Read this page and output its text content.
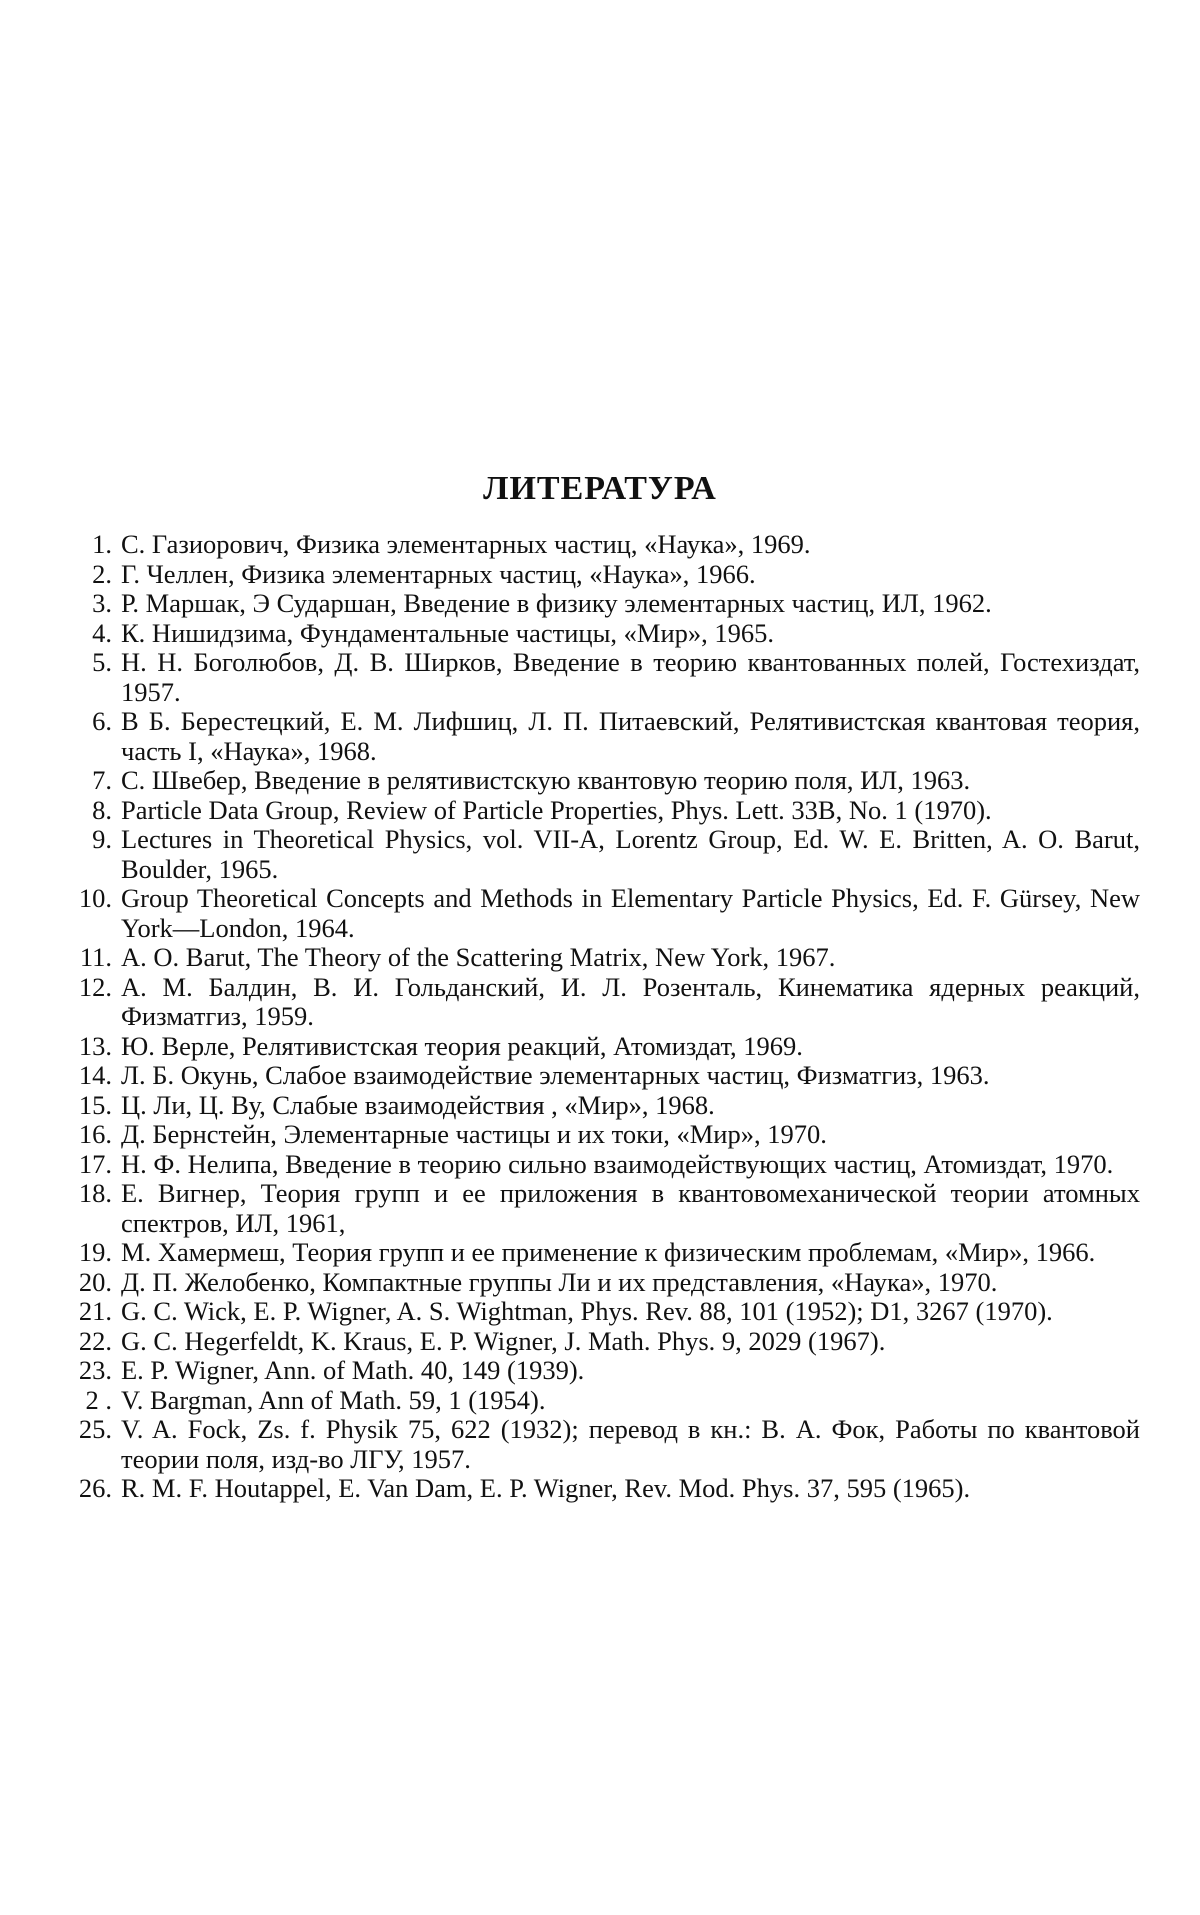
ЛИТЕРАТУРА
1. С. Газиорович, Физика элементарных частиц, «Наука», 1969.
2. Г. Челлен, Физика элементарных частиц, «Наука», 1966.
3. Р. Маршак, Э Сударшан, Введение в физику элементарных частиц, ИЛ, 1962.
4. К. Нишидзима, Фундаментальные частицы, «Мир», 1965.
5. Н. Н. Боголюбов, Д. В. Ширков, Введение в теорию квантованных полей, Гостехиздат, 1957.
6. В Б. Берестецкий, Е. М. Лифшиц, Л. П. Питаевский, Релятивистская квантовая теория, часть I, «Наука», 1968.
7. С. Швебер, Введение в релятивистскую квантовую теорию поля, ИЛ, 1963.
8. Particle Data Group, Review of Particle Properties, Phys. Lett. 33B, No. 1 (1970).
9. Lectures in Theoretical Physics, vol. VII-A, Lorentz Group, Ed. W. E. Britten, A. O. Barut, Boulder, 1965.
10. Group Theoretical Concepts and Methods in Elementary Particle Physics, Ed. F. Gürsey, New York—London, 1964.
11. А. О. Barut, The Theory of the Scattering Matrix, New York, 1967.
12. А. М. Балдин, В. И. Гольданский, И. Л. Розенталь, Кинематика ядерных реакций, Физматгиз, 1959.
13. Ю. Верле, Релятивистская теория реакций, Атомиздат, 1969.
14. Л. Б. Окунь, Слабое взаимодействие элементарных частиц, Физматгиз, 1963.
15. Ц. Ли, Ц. Ву, Слабые взаимодействия , «Мир», 1968.
16. Д. Бернстейн, Элементарные частицы и их токи, «Мир», 1970.
17. Н. Ф. Нелипа, Введение в теорию сильно взаимодействующих частиц, Атомиздат, 1970.
18. Е. Вигнер, Теория групп и ее приложения в квантовомеханической теории атомных спектров, ИЛ, 1961,
19. М. Хамермеш, Теория групп и ее применение к физическим проблемам, «Мир», 1966.
20. Д. П. Желобенко, Компактные группы Ли и их представления, «Наука», 1970.
21. G. C. Wick, E. P. Wigner, A. S. Wightman, Phys. Rev. 88, 101 (1952); D1, 3267 (1970).
22. G. C. Hegerfeldt, K. Kraus, E. P. Wigner, J. Math. Phys. 9, 2029 (1967).
23. E. P. Wigner, Ann. of Math. 40, 149 (1939).
2 . V. Bargman, Ann of Math. 59, 1 (1954).
25. V. A. Fock, Zs. f. Physik 75, 622 (1932); перевод в кн.: В. А. Фок, Работы по квантовой теории поля, изд-во ЛГУ, 1957.
26. R. M. F. Houtappel, E. Van Dam, E. P. Wigner, Rev. Mod. Phys. 37, 595 (1965).
